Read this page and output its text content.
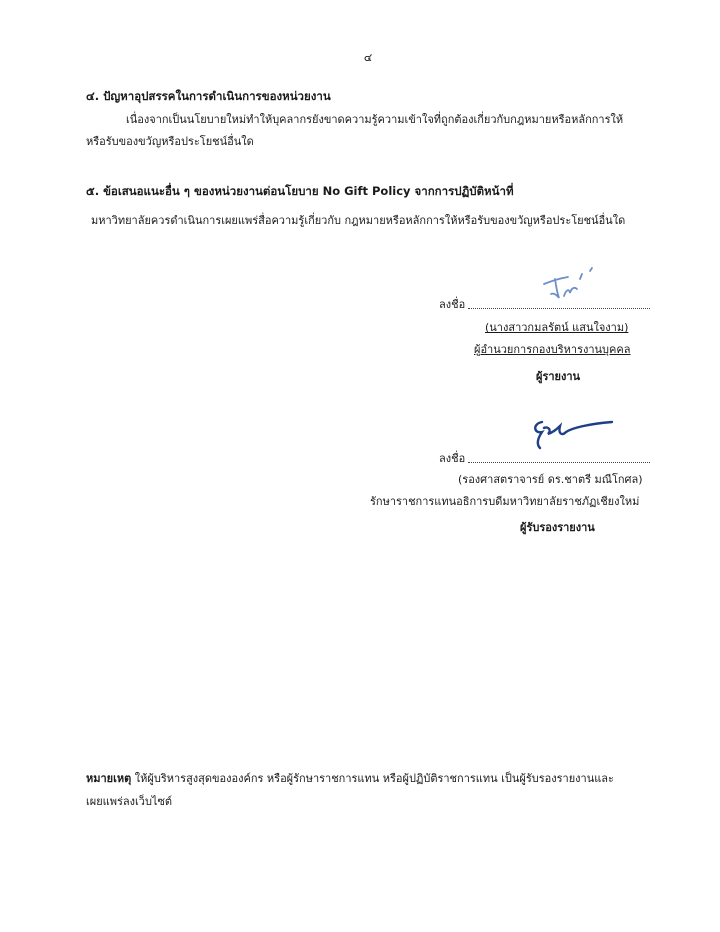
๔
๔. ปัญหาอุปสรรคในการดำเนินการของหน่วยงาน
เนื่องจากเป็นนโยบายใหม่ทำให้บุคลากรยังขาดความรู้ความเข้าใจที่ถูกต้องเกี่ยวกับกฎหมายหรือหลักการให้
หรือรับของขวัญหรือประโยชน์อื่นใด
๕. ข้อเสนอแนะอื่น ๆ ของหน่วยงานต่อนโยบาย No Gift Policy จากการปฏิบัติหน้าที่
มหาวิทยาลัยควรดำเนินการเผยแพร่สื่อความรู้เกี่ยวกับ กฎหมายหรือหลักการให้หรือรับของขวัญหรือประโยชน์อื่นใด
ลงชื่อ
(นางสาวกมลรัตน์ แสนใจงาม)
ผู้อำนวยการกองบริหารงานบุคคล
ผู้รายงาน
ลงชื่อ
(รองศาสตราจารย์ ดร.ชาตรี มณีโกศล)
รักษาราชการแทนอธิการบดีมหาวิทยาลัยราชภัฏเชียงใหม่
ผู้รับรองรายงาน
หมายเหตุ ให้ผู้บริหารสูงสุดขององค์กร หรือผู้รักษาราชการแทน หรือผู้ปฏิบัติราชการแทน เป็นผู้รับรองรายงานและ
เผยแพร่ลงเว็บไซต์
